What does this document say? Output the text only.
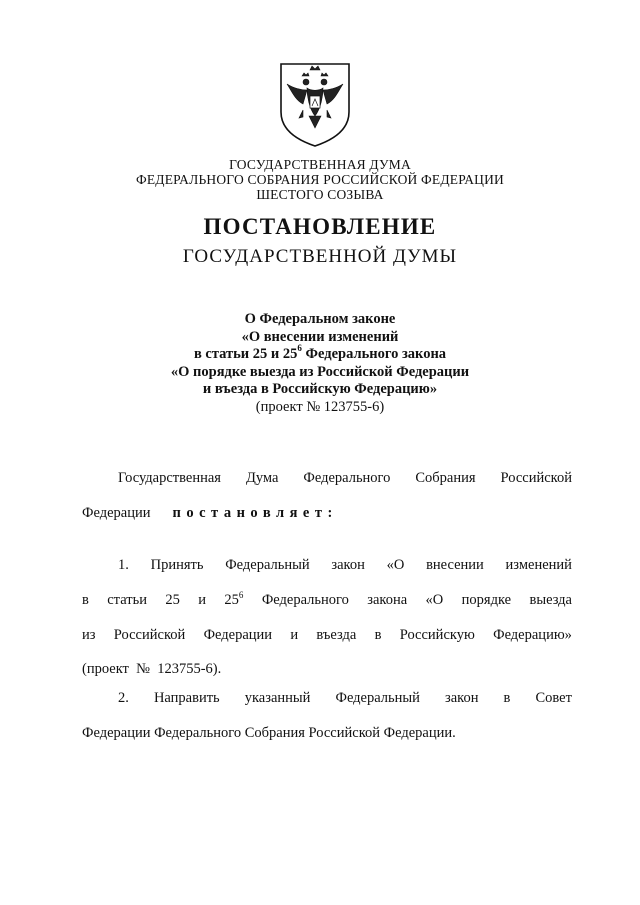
ГОСУДАРСТВЕННАЯ ДУМА
ФЕДЕРАЛЬНОГО СОБРАНИЯ РОССИЙСКОЙ ФЕДЕРАЦИИ
ШЕСТОГО СОЗЫВА
ПОСТАНОВЛЕНИЕ
ГОСУДАРСТВЕННОЙ ДУМЫ
О Федеральном законе
«О внесении изменений
в статьи 25 и $25^6$ Федерального закона
«О порядке выезда из Российской Федерации
и въезда в Российскую Федерацию»
(проект № 123755-6)
Государственная Дума Федерального Собрания Российской
Федерации постановляет:
1. Принять Федеральный закон «О внесении изменений
в статьи 25 и $25^6$ Федерального закона «О порядке выезда
из Российской Федерации и въезда в Российскую Федерацию»
(проект  №  123755-6).
2. Направить указанный Федеральный закон в Совет
Федерации Федерального Собрания Российской Федерации.
